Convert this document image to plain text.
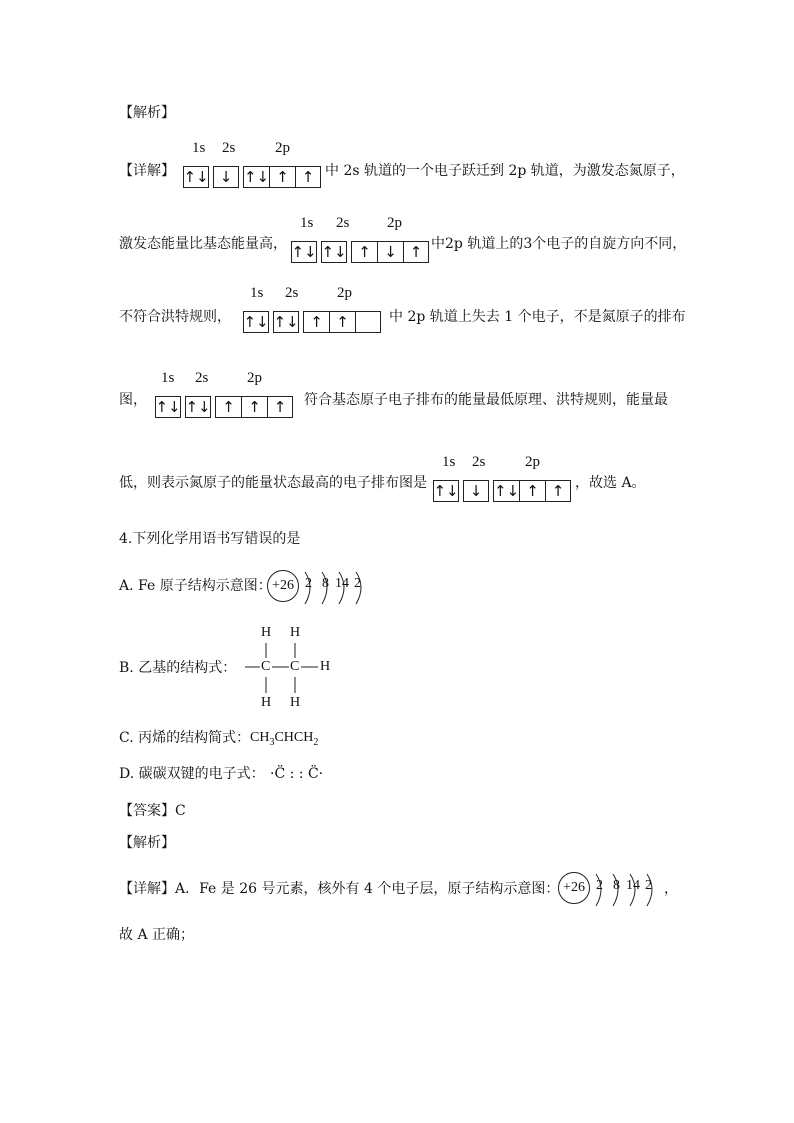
【解析】
【详解】
1s 2s	2p
↑↓ ↓ ↑↓ ↑ ↑ 中 2s 轨道的一个电子跃迁到 2p 轨道，为激发态氮原子，
激发态能量比基态能量高，
1s 2s	2p
↑↓ ↑↓ ↑ ↓ ↑ 中2p 轨道上的3个电子的自旋方向不同，
不符合洪特规则，
1s 2s	2p
↑↓ ↑↓ ↑ ↑	中 2p 轨道上失去 1 个电子，不是氮原子的排布
图，
1s 2s	2p
↑↓ ↑↓ ↑ ↑ ↑	符合基态原子电子排布的能量最低原理、洪特规则，能量最
低，则表示氮原子的能量状态最高的电子排布图是
1s 2s	2p
↑↓ ↓ ↑↓ ↑ ↑ ，故选 A。
4.下列化学用语书写错误的是
A. Fe 原子结构示意图： +26 2 8 14 2
B. 乙基的结构式：
H H
C C H
H H
C. 丙烯的结构简式： $CH_3CHCH_2$
D. 碳碳双键的电子式： ·C̈ : : C̈·
【答案】C
【解析】
【详解】A．Fe 是 26 号元素，核外有 4 个电子层，原子结构示意图： +26 2 8 14 2 ，
故 A 正确；
